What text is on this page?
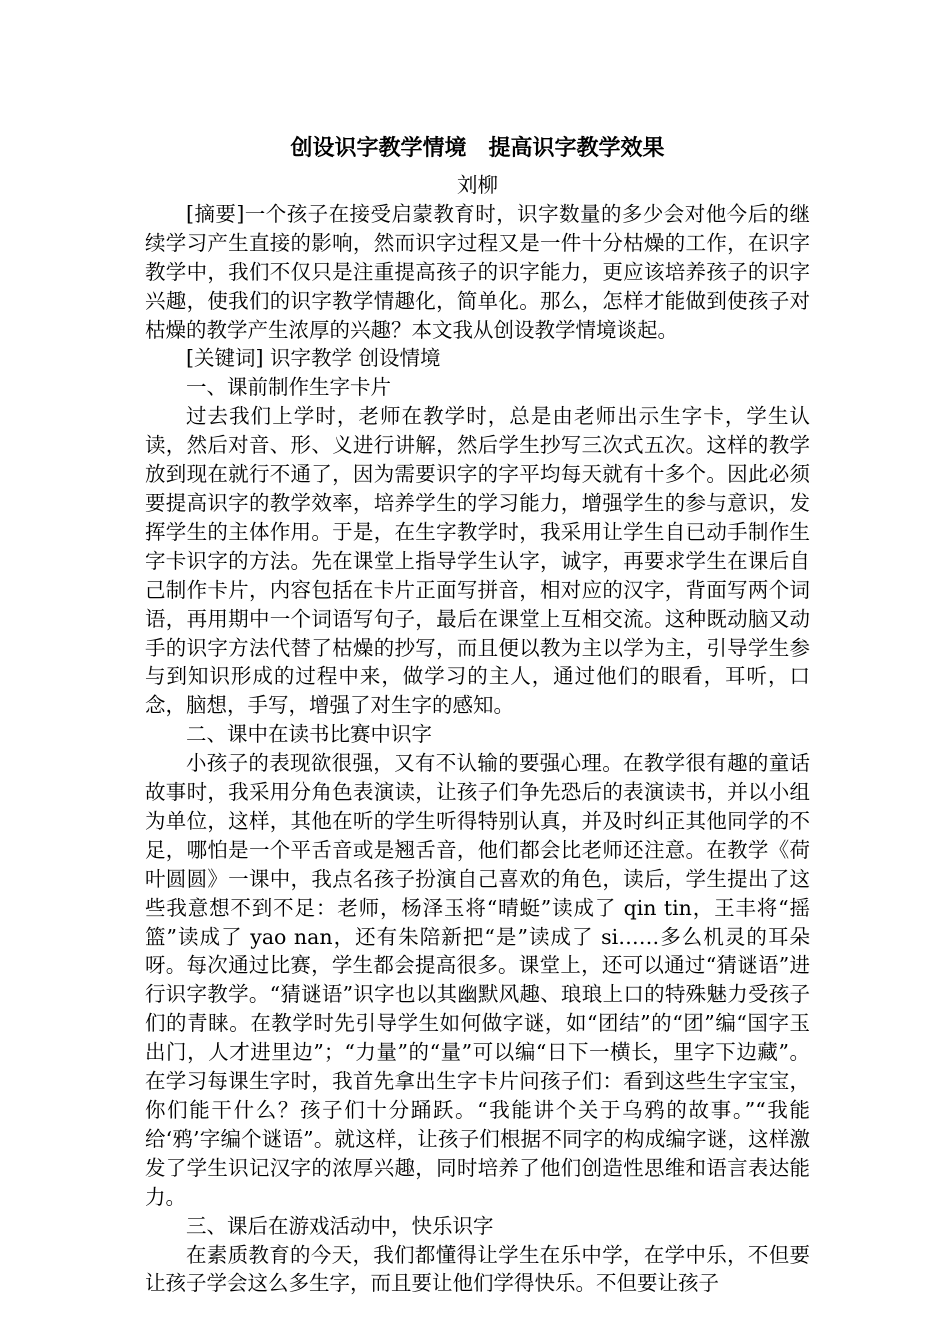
创设识字教学情境　提高识字教学效果

刘柳

[摘要]一个孩子在接受启蒙教育时，识字数量的多少会对他今后的继续学习产生直接的影响，然而识字过程又是一件十分枯燥的工作，在识字教学中，我们不仅只是注重提高孩子的识字能力，更应该培养孩子的识字兴趣，使我们的识字教学情趣化，简单化。那么，怎样才能做到使孩子对枯燥的教学产生浓厚的兴趣？本文我从创设教学情境谈起。

[关键词] 识字教学 创设情境

一、课前制作生字卡片

过去我们上学时，老师在教学时，总是由老师出示生字卡，学生认读，然后对音、形、义进行讲解，然后学生抄写三次式五次。这样的教学放到现在就行不通了，因为需要识字的字平均每天就有十多个。因此必须要提高识字的教学效率，培养学生的学习能力，增强学生的参与意识，发挥学生的主体作用。于是，在生字教学时，我采用让学生自已动手制作生字卡识字的方法。先在课堂上指导学生认字，诚字，再要求学生在课后自己制作卡片，内容包括在卡片正面写拼音，相对应的汉字，背面写两个词语，再用期中一个词语写句子，最后在课堂上互相交流。这种既动脑又动手的识字方法代替了枯燥的抄写，而且便以教为主以学为主，引导学生参与到知识形成的过程中来，做学习的主人，通过他们的眼看，耳听，口念，脑想，手写，增强了对生字的感知。

二、课中在读书比赛中识字

小孩子的表现欲很强，又有不认输的要强心理。在教学很有趣的童话故事时，我采用分角色表演读，让孩子们争先恐后的表演读书，并以小组为单位，这样，其他在听的学生听得特别认真，并及时纠正其他同学的不足，哪怕是一个平舌音或是翘舌音，他们都会比老师还注意。在教学《荷叶圆圆》一课中，我点名孩子扮演自己喜欢的角色，读后，学生提出了这些我意想不到不足：老师，杨泽玉将“晴蜓”读成了 qin tin，王丰将“摇篮”读成了 yao nan，还有朱陪新把“是”读成了 si……多么机灵的耳朵呀。每次通过比赛，学生都会提高很多。课堂上，还可以通过“猜谜语”进行识字教学。“猜谜语”识字也以其幽默风趣、琅琅上口的特殊魅力受孩子们的青睐。在教学时先引导学生如何做字谜，如“团结”的“团”编“国字玉出门，人才进里边”；“力量”的“量”可以编“日下一横长，里字下边藏”。在学习每课生字时，我首先拿出生字卡片问孩子们：看到这些生字宝宝，你们能干什么？孩子们十分踊跃。“我能讲个关于乌鸦的故事。”“我能给‘鸦’字编个谜语”。就这样，让孩子们根据不同字的构成编字谜，这样激发了学生识记汉字的浓厚兴趣，同时培养了他们创造性思维和语言表达能力。

三、课后在游戏活动中，快乐识字

在素质教育的今天，我们都懂得让学生在乐中学，在学中乐，不但要让孩子学会这么多生字，而且要让他们学得快乐。不但要让孩子
